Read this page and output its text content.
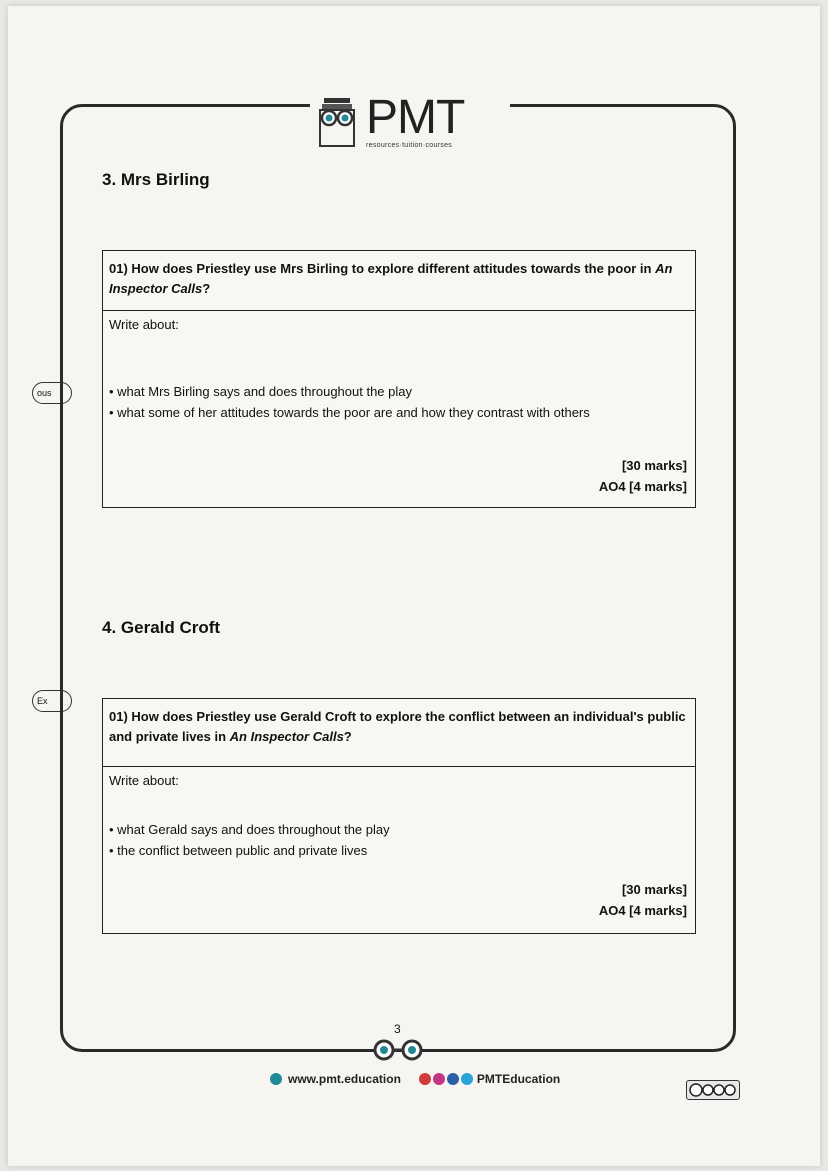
ous
Ex
PMT
resources·tuition·courses
3. Mrs Birling
01) How does Priestley use Mrs Birling to explore different attitudes towards the poor in An Inspector Calls?
Write about:

• what Mrs Birling says and does throughout the play

• what some of her attitudes towards the poor are and how they contrast with others

[30 marks]
AO4 [4 marks]
4. Gerald Croft
01) How does Priestley use Gerald Croft to explore the conflict between an individual's public and private lives in An Inspector Calls?
Write about:

• what Gerald says and does throughout the play

• the conflict between public and private lives

[30 marks]
AO4 [4 marks]
3
www.pmt.education	PMTEducation
